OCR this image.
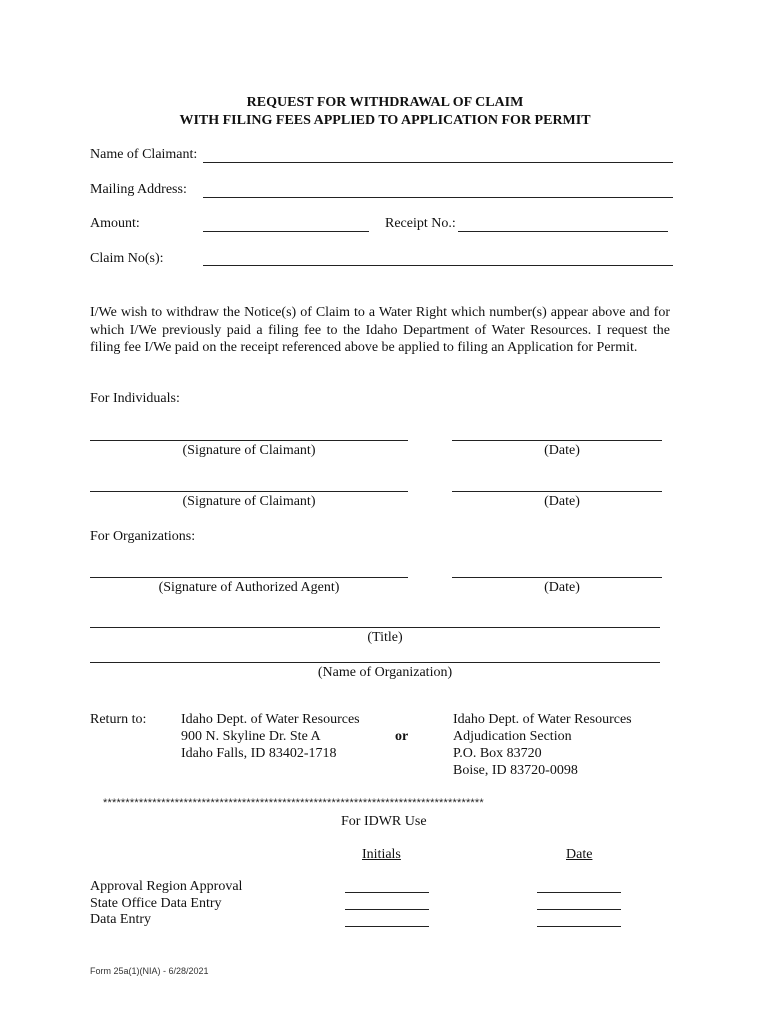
REQUEST FOR WITHDRAWAL OF CLAIM
WITH FILING FEES APPLIED TO APPLICATION FOR PERMIT
Name of Claimant:
Mailing Address:
Amount:	Receipt No.:
Claim No(s):
I/We wish to withdraw the Notice(s) of Claim to a Water Right which number(s) appear above and for which I/We previously paid a filing fee to the Idaho Department of Water Resources. I request the filing fee I/We paid on the receipt referenced above be applied to filing an Application for Permit.
For Individuals:
(Signature of Claimant)	(Date)
(Signature of Claimant)	(Date)
For Organizations:
(Signature of Authorized Agent)	(Date)
(Title)
(Name of Organization)
Return to: Idaho Dept. of Water Resources
900 N. Skyline Dr. Ste A
Idaho Falls, ID 83402-1718
or
Idaho Dept. of Water Resources
Adjudication Section
P.O. Box 83720
Boise, ID 83720-0098
*************************************************************************************
For IDWR Use
Initials	Date
Approval Region Approval
State Office Data Entry
Data Entry
Form 25a(1)(NIA) - 6/28/2021
